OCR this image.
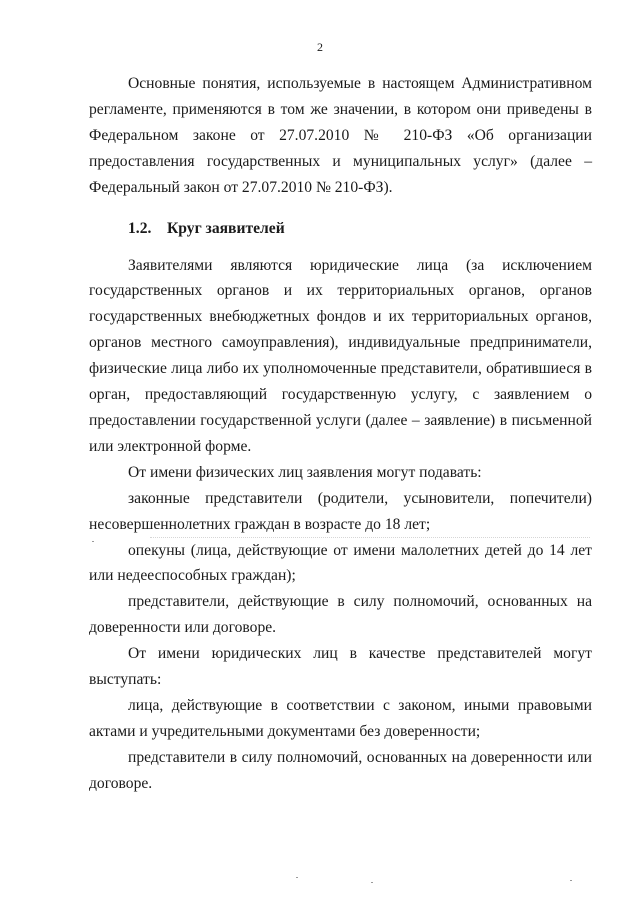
2

Основные понятия, используемые в настоящем Административном регламенте, применяются в том же значении, в котором они приведены в Федеральном законе от 27.07.2010 № 210-ФЗ «Об организации предоставления государственных и муниципальных услуг» (далее – Федеральный закон от 27.07.2010 № 210-ФЗ).

1.2. Круг заявителей

Заявителями являются юридические лица (за исключением государственных органов и их территориальных органов, органов государственных внебюджетных фондов и их территориальных органов, органов местного самоуправления), индивидуальные предприниматели, физические лица либо их уполномоченные представители, обратившиеся в орган, предоставляющий государственную услугу, с заявлением о предоставлении государственной услуги (далее – заявление) в письменной или электронной форме.

От имени физических лиц заявления могут подавать:

законные представители (родители, усыновители, попечители) несовершеннолетних граждан в возрасте до 18 лет;

опекуны (лица, действующие от имени малолетних детей до 14 лет или недееспособных граждан);

представители, действующие в силу полномочий, основанных на доверенности или договоре.

От имени юридических лиц в качестве представителей могут выступать:

лица, действующие в соответствии с законом, иными правовыми актами и учредительными документами без доверенности;

представители в силу полномочий, основанных на доверенности или договоре.
